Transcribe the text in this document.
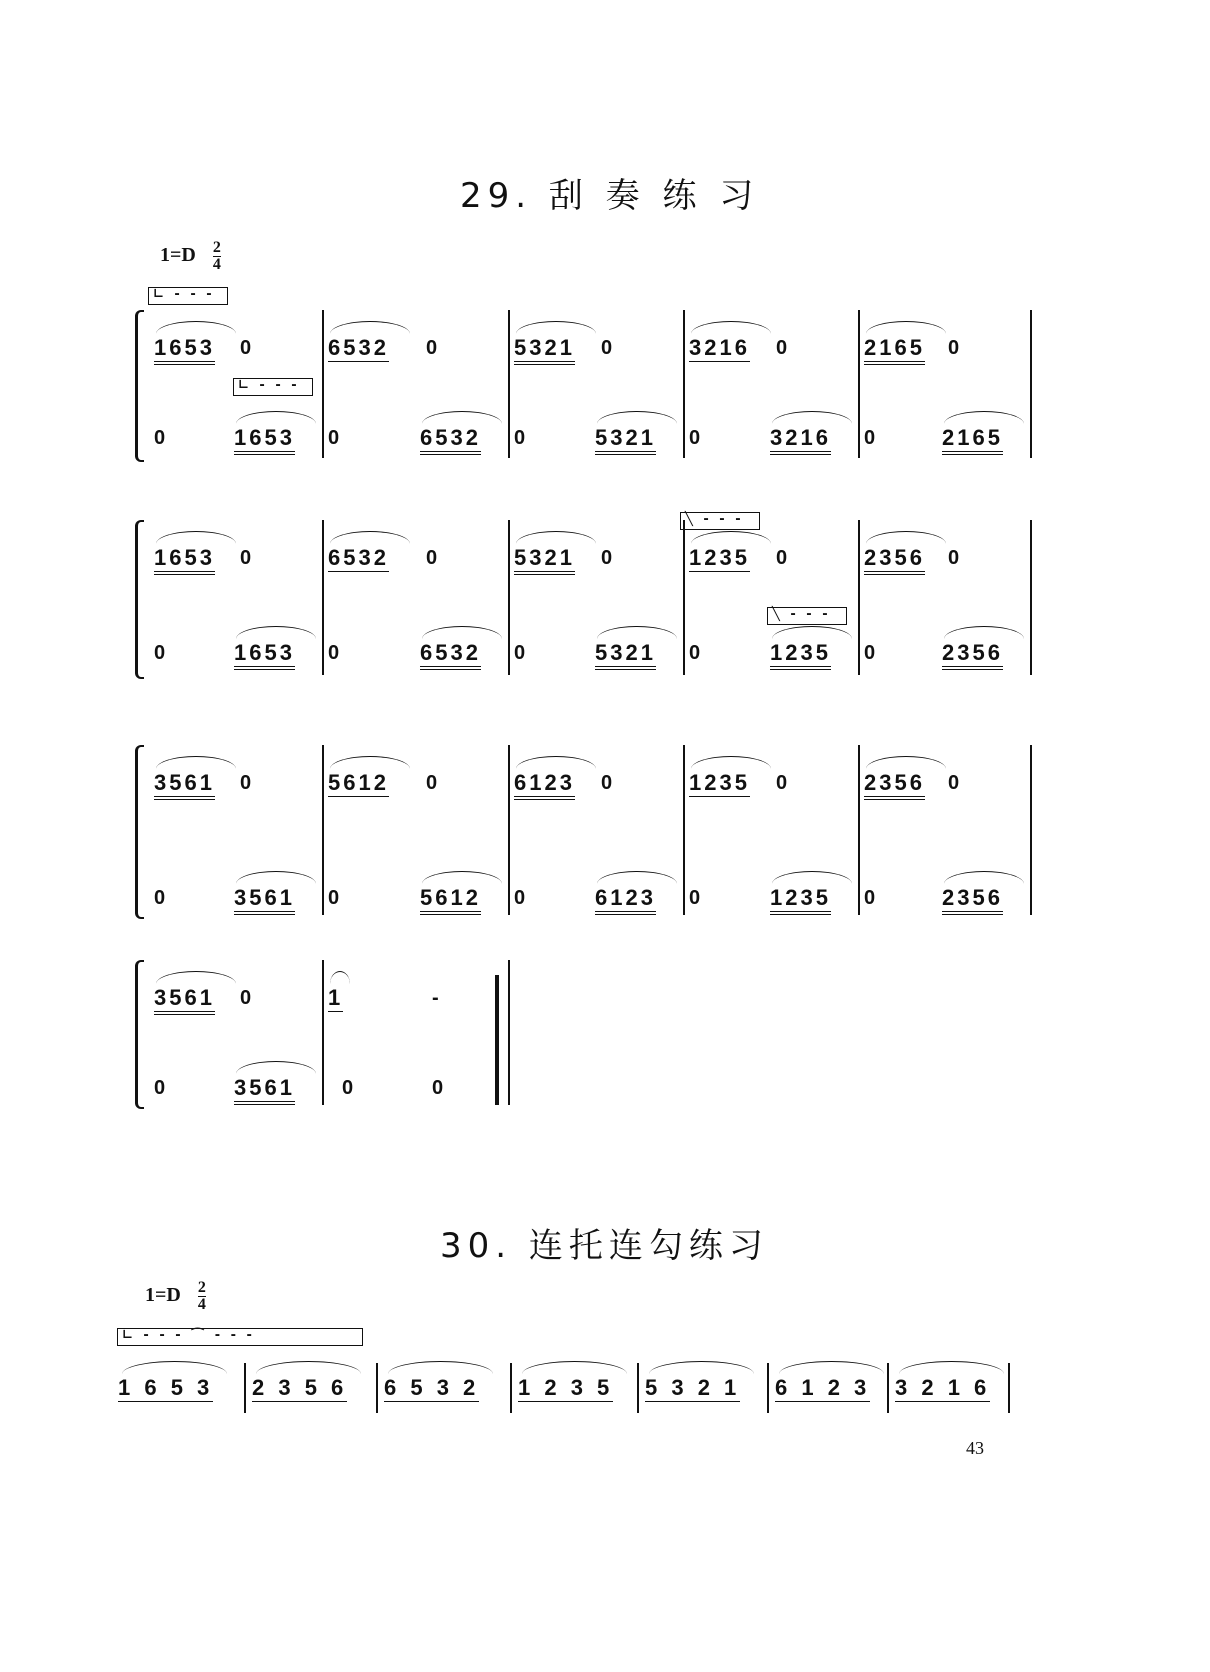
29. 刮 奏 练 习
$1=D \frac{2}{4}$
1653 0
0	1653
6532 0
0	6532
5321 0
0	5321
3216 0
0	3216
2165 0
0	2165
1653 0
0	1653
6532 0
0	6532
5321 0
0	5321
1235 0
0	1235
2356 0
0	2356
3561 0
0	3561
5612 0
0	5612
6123 0
0	6123
1235 0
0	1235
2356 0
0	2356
3561 0
0	3561
1	-
0	0
∟ - - -
∟ - - -
╲ - - -
╲ - - -
30. 连托连勾练习
$1=D \frac{2}{4}$
∟ - - - ⌒ - - -
1 6 5 3 2 3 5 6 6 5 3 2 1 2 3 5 5 3 2 1 6 1 2 3 3 2 1 6
43
